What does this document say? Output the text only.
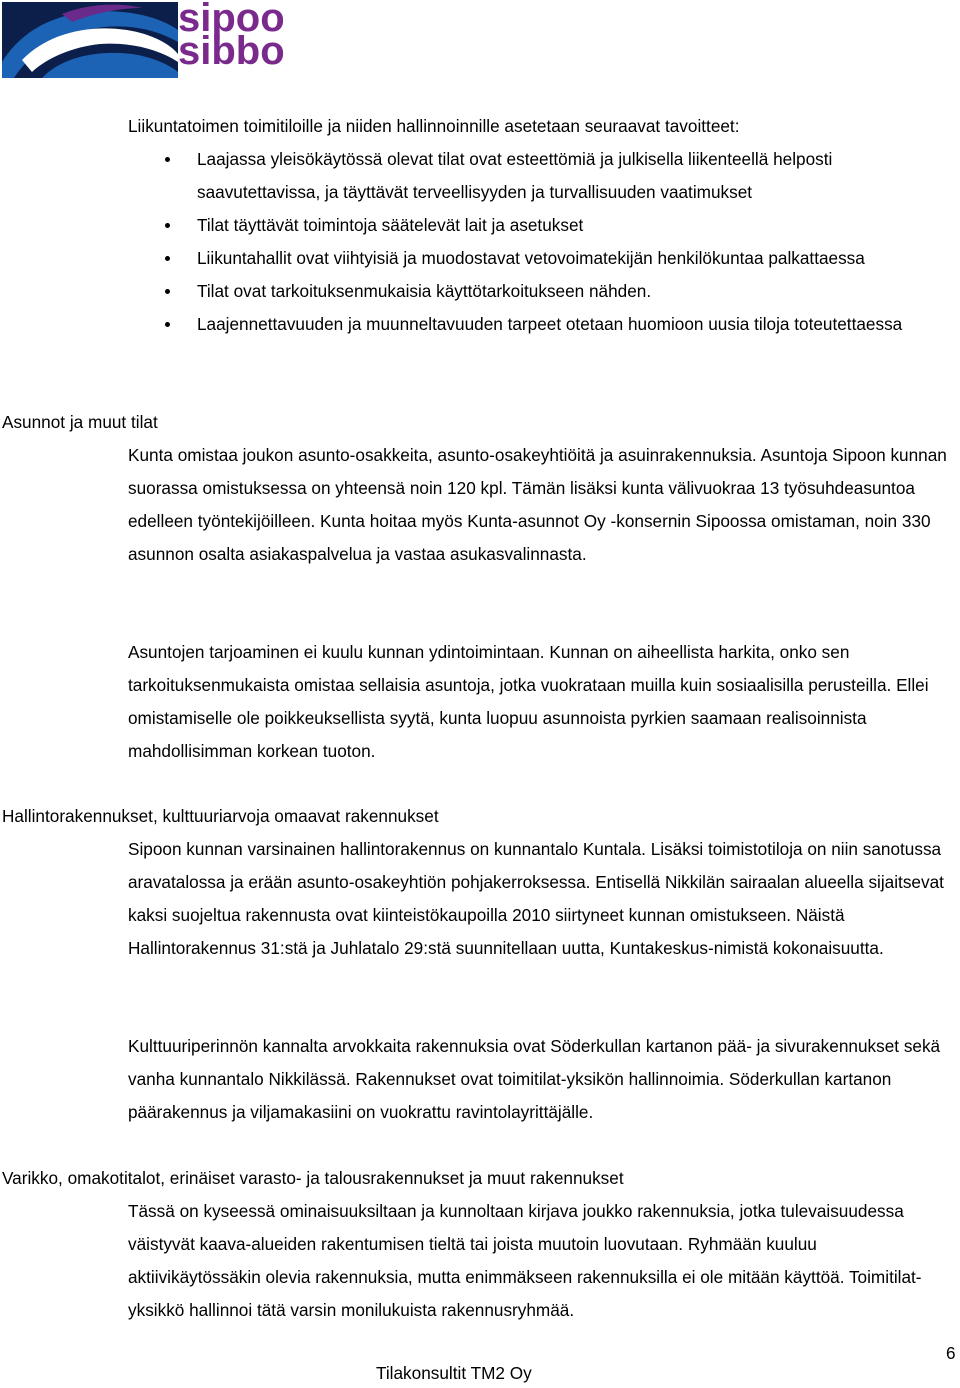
sipoo
sibbo

Liikuntatoimen toimitiloille ja niiden hallinnoinnille asetetaan seuraavat tavoitteet:

Laajassa yleisökäytössä olevat tilat ovat esteettömiä ja julkisella liikenteellä helposti saavutettavissa, ja täyttävät terveellisyyden ja turvallisuuden vaatimukset
Tilat täyttävät toimintoja säätelevät lait ja asetukset
Liikuntahallit ovat viihtyisiä ja muodostavat vetovoimatekijän henkilökuntaa palkattaessa
Tilat ovat tarkoituksenmukaisia käyttötarkoitukseen nähden.
Laajennettavuuden ja muunneltavuuden tarpeet otetaan huomioon uusia tiloja toteutettaessa
Asunnot ja muut tilat

Kunta omistaa joukon asunto-osakkeita, asunto-osakeyhtiöitä ja asuinrakennuksia. Asuntoja Sipoon kunnan suorassa omistuksessa on yhteensä noin 120 kpl. Tämän lisäksi kunta välivuokraa 13 työsuhdeasuntoa edelleen työntekijöilleen. Kunta hoitaa myös Kunta-asunnot Oy -konsernin Sipoossa omistaman, noin 330 asunnon osalta asiakaspalvelua ja vastaa asukasvalinnasta.

Asuntojen tarjoaminen ei kuulu kunnan ydintoimintaan. Kunnan on aiheellista harkita, onko sen tarkoituksenmukaista omistaa sellaisia asuntoja, jotka vuokrataan muilla kuin sosiaalisilla perusteilla. Ellei omistamiselle ole poikkeuksellista syytä, kunta luopuu asunnoista pyrkien saamaan realisoinnista mahdollisimman korkean tuoton.

Hallintorakennukset, kulttuuriarvoja omaavat rakennukset

Sipoon kunnan varsinainen hallintorakennus on kunnantalo Kuntala. Lisäksi toimistotiloja on niin sanotussa aravatalossa ja erään asunto-osakeyhtiön pohjakerroksessa. Entisellä Nikkilän sairaalan alueella sijaitsevat kaksi suojeltua rakennusta ovat kiinteistökaupoilla 2010 siirtyneet kunnan omistukseen. Näistä Hallintorakennus 31:stä ja Juhlatalo 29:stä suunnitellaan uutta, Kuntakeskus-nimistä kokonaisuutta.

Kulttuuriperinnön kannalta arvokkaita rakennuksia ovat Söderkullan kartanon pää- ja sivurakennukset sekä vanha kunnantalo Nikkilässä. Rakennukset ovat toimitilat-yksikön hallinnoimia. Söderkullan kartanon päärakennus ja viljamakasiini on vuokrattu ravintolayrittäjälle.

Varikko, omakotitalot, erinäiset varasto- ja talousrakennukset ja muut rakennukset

Tässä on kyseessä ominaisuuksiltaan ja kunnoltaan kirjava joukko rakennuksia, jotka tulevaisuudessa väistyvät kaava-alueiden rakentumisen tieltä tai joista muutoin luovutaan. Ryhmään kuuluu aktiivikäytössäkin olevia rakennuksia, mutta enimmäkseen rakennuksilla ei ole mitään käyttöä. Toimitilat-yksikkö hallinnoi tätä varsin monilukuista rakennusryhmää.

6
Tilakonsultit TM2 Oy
